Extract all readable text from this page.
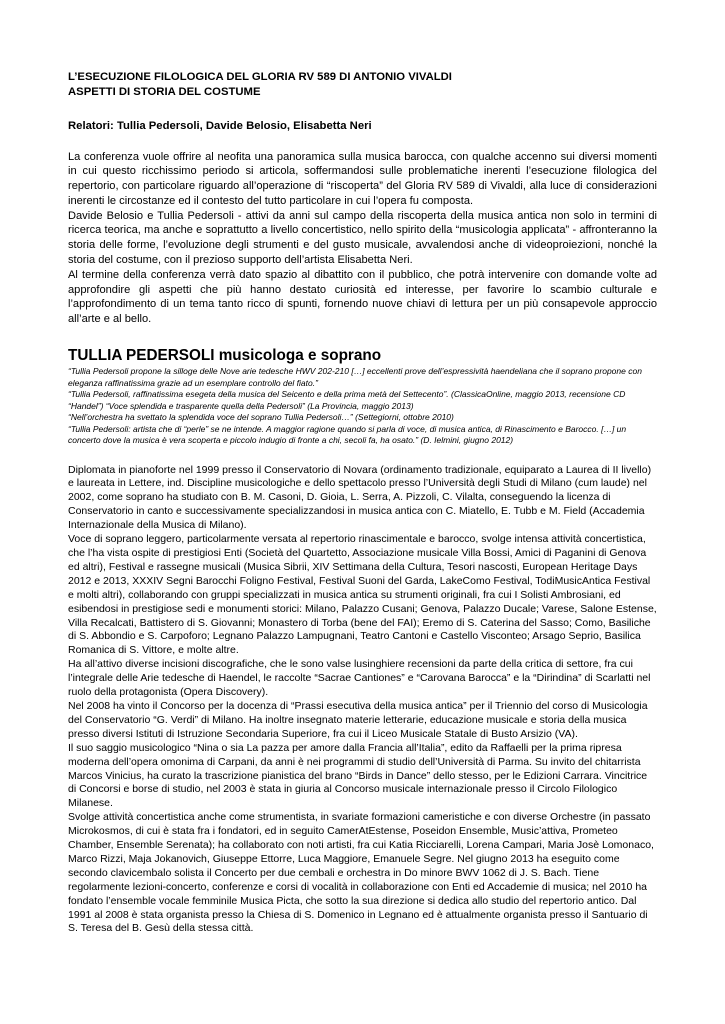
L’ESECUZIONE FILOLOGICA DEL GLORIA RV 589 DI ANTONIO VIVALDI
ASPETTI DI STORIA DEL COSTUME

Relatori: Tullia Pedersoli, Davide Belosio, Elisabetta Neri

La conferenza vuole offrire al neofita una panoramica sulla musica barocca, con qualche accenno sui diversi momenti in cui questo ricchissimo periodo si articola, soffermandosi sulle problematiche inerenti l’esecuzione filologica del repertorio, con particolare riguardo all’operazione di “riscoperta” del Gloria RV 589 di Vivaldi, alla luce di considerazioni inerenti le circostanze ed il contesto del tutto particolare in cui l’opera fu composta.

Davide Belosio e Tullia Pedersoli - attivi da anni sul campo della riscoperta della musica antica non solo in termini di ricerca teorica, ma anche e soprattutto a livello concertistico, nello spirito della “musicologia applicata” - affronteranno la storia delle forme, l’evoluzione degli strumenti e del gusto musicale, avvalendosi anche di videoproiezioni, nonché la storia del costume, con il prezioso supporto dell’artista Elisabetta Neri.

Al termine della conferenza verrà dato spazio al dibattito con il pubblico, che potrà intervenire con domande volte ad approfondire gli aspetti che più hanno destato curiosità ed interesse, per favorire lo scambio culturale e l’approfondimento di un tema tanto ricco di spunti, fornendo nuove chiavi di lettura per un più consapevole approccio all’arte e al bello.

TULLIA PEDERSOLI musicologa e soprano

“Tullia Pedersoli propone la silloge delle Nove arie tedesche HWV 202-210 […] eccellenti prove dell’espressività haendeliana che il soprano propone con eleganza raffinatissima grazie ad un esemplare controllo del fiato.”

“Tullia Pedersoli, raffinatissima esegeta della musica del Seicento e della prima metà del Settecento”. (ClassicaOnline, maggio 2013, recensione CD “Handel”) “Voce splendida e trasparente quella della Pedersoli” (La Provincia, maggio 2013)

“Nell’orchestra ha svettato la splendida voce del soprano Tullia Pedersoli…” (Settegiorni, ottobre 2010)

“Tullia Pedersoli: artista che di “perle” se ne intende. A maggior ragione quando si parla di voce, di musica antica, di Rinascimento e Barocco. […] un concerto dove la musica è vera scoperta e piccolo indugio di fronte a chi, secoli fa, ha osato.” (D. Ielmini, giugno 2012)

Diplomata in pianoforte nel 1999 presso il Conservatorio di Novara (ordinamento tradizionale, equiparato a Laurea di II livello) e laureata in Lettere, ind. Discipline musicologiche e dello spettacolo presso l’Università degli Studi di Milano (cum laude) nel 2002, come soprano ha studiato con B. M. Casoni, D. Gioia, L. Serra, A. Pizzoli, C. Vilalta, conseguendo la licenza di Conservatorio in canto e successivamente specializzandosi in musica antica con C. Miatello, E. Tubb e M. Field (Accademia Internazionale della Musica di Milano).

Voce di soprano leggero, particolarmente versata al repertorio rinascimentale e barocco, svolge intensa attività concertistica, che l’ha vista ospite di prestigiosi Enti (Società del Quartetto, Associazione musicale Villa Bossi, Amici di Paganini di Genova ed altri), Festival e rassegne musicali (Musica Sibrii, XIV Settimana della Cultura, Tesori nascosti, European Heritage Days 2012 e 2013, XXXIV Segni Barocchi Foligno Festival, Festival Suoni del Garda, LakeComo Festival, TodiMusicAntica Festival e molti altri), collaborando con gruppi specializzati in musica antica su strumenti originali, fra cui I Solisti Ambrosiani, ed esibendosi in prestigiose sedi e monumenti storici: Milano, Palazzo Cusani; Genova, Palazzo Ducale; Varese, Salone Estense, Villa Recalcati, Battistero di S. Giovanni; Monastero di Torba (bene del FAI); Eremo di S. Caterina del Sasso; Como, Basiliche di S. Abbondio e S. Carpoforo; Legnano Palazzo Lampugnani, Teatro Cantoni e Castello Visconteo; Arsago Seprio, Basilica Romanica di S. Vittore, e molte altre.

Ha all’attivo diverse incisioni discografiche, che le sono valse lusinghiere recensioni da parte della critica di settore, fra cui l’integrale delle Arie tedesche di Haendel, le raccolte “Sacrae Cantiones” e “Carovana Barocca” e la “Dirindina” di Scarlatti nel ruolo della protagonista (Opera Discovery).

Nel 2008 ha vinto il Concorso per la docenza di “Prassi esecutiva della musica antica” per il Triennio del corso di Musicologia del Conservatorio “G. Verdi” di Milano. Ha inoltre insegnato materie letterarie, educazione musicale e storia della musica presso diversi Istituti di Istruzione Secondaria Superiore, fra cui il Liceo Musicale Statale di Busto Arsizio (VA).

Il suo saggio musicologico “Nina o sia La pazza per amore dalla Francia all’Italia”, edito da Raffaelli per la prima ripresa moderna dell’opera omonima di Carpani, da anni è nei programmi di studio dell’Università di Parma. Su invito del chitarrista Marcos Vinicius, ha curato la trascrizione pianistica del brano “Birds in Dance” dello stesso, per le Edizioni Carrara. Vincitrice di Concorsi e borse di studio, nel 2003 è stata in giuria al Concorso musicale internazionale presso il Circolo Filologico Milanese.

Svolge attività concertistica anche come strumentista, in svariate formazioni cameristiche e con diverse Orchestre (in passato Microkosmos, di cui è stata fra i fondatori, ed in seguito CamerAtEstense, Poseidon Ensemble, Music’attiva, Prometeo Chamber, Ensemble Serenata); ha collaborato con noti artisti, fra cui Katia Ricciarelli, Lorena Campari, Maria Josè Lomonaco, Marco Rizzi, Maja Jokanovich, Giuseppe Ettorre, Luca Maggiore, Emanuele Segre. Nel giugno 2013 ha eseguito come secondo clavicembalo solista il Concerto per due cembali e orchestra in Do minore BWV 1062 di J. S. Bach. Tiene regolarmente lezioni-concerto, conferenze e corsi di vocalità in collaborazione con Enti ed Accademie di musica; nel 2010 ha fondato l’ensemble vocale femminile Musica Picta, che sotto la sua direzione si dedica allo studio del repertorio antico. Dal 1991 al 2008 è stata organista presso la Chiesa di S. Domenico in Legnano ed è attualmente organista presso il Santuario di S. Teresa del B. Gesù della stessa città.
